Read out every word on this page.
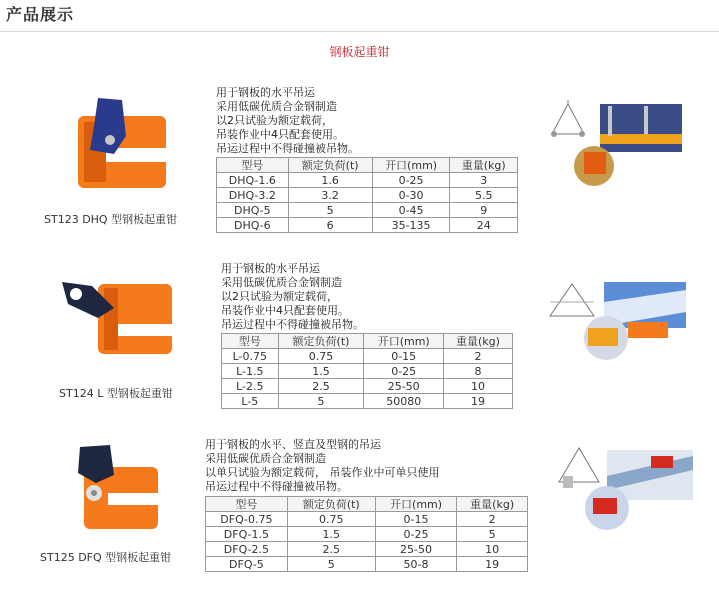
产品展示
钢板起重钳
ST123 DHQ 型钢板起重钳
用于钢板的水平吊运
采用低碳优质合金钢制造
以2只试验为额定载荷，
吊装作业中4只配套使用。
吊运过程中不得碰撞被吊物。
型号	额定负荷(t)	开口(mm)	重量(kg)
DHQ-1.6	1.6	0-25	3
DHQ-3.2	3.2	0-30	5.5
DHQ-5	5	0-45	9
DHQ-6	6	35-135	24
ST124 L 型钢板起重钳
用于钢板的水平吊运
采用低碳优质合金钢制造
以2只试验为额定载荷，
吊装作业中4只配套使用。
吊运过程中不得碰撞被吊物。
型号	额定负荷(t)	开口(mm)	重量(kg)
L-0.75	0.75	0-15	2
L-1.5	1.5	0-25	8
L-2.5	2.5	25-50	10
L-5	5	50080	19
ST125 DFQ 型钢板起重钳
用于钢板的水平、竖直及型钢的吊运
采用低碳优质合金钢制造
以单只试验为额定载荷， 吊装作业中可单只使用
吊运过程中不得碰撞被吊物。
型号	额定负荷(t)	开口(mm)	重量(kg)
DFQ-0.75	0.75	0-15	2
DFQ-1.5	1.5	0-25	5
DFQ-2.5	2.5	25-50	10
DFQ-5	5	50-8	19
